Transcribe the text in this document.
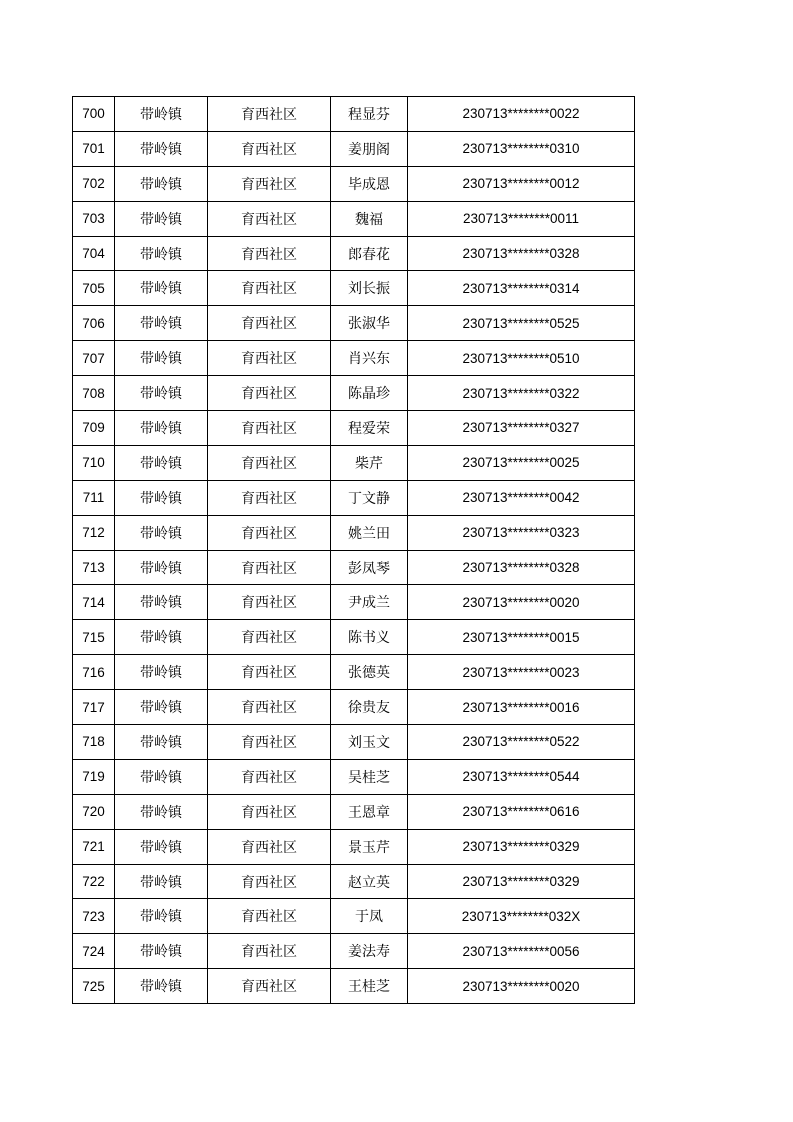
700	带岭镇	育西社区	程显芬	230713********0022
701	带岭镇	育西社区	姜朋阁	230713********0310
702	带岭镇	育西社区	毕成恩	230713********0012
703	带岭镇	育西社区	魏福	230713********0011
704	带岭镇	育西社区	郎春花	230713********0328
705	带岭镇	育西社区	刘长振	230713********0314
706	带岭镇	育西社区	张淑华	230713********0525
707	带岭镇	育西社区	肖兴东	230713********0510
708	带岭镇	育西社区	陈晶珍	230713********0322
709	带岭镇	育西社区	程爱荣	230713********0327
710	带岭镇	育西社区	柴芹	230713********0025
711	带岭镇	育西社区	丁文静	230713********0042
712	带岭镇	育西社区	姚兰田	230713********0323
713	带岭镇	育西社区	彭凤琴	230713********0328
714	带岭镇	育西社区	尹成兰	230713********0020
715	带岭镇	育西社区	陈书义	230713********0015
716	带岭镇	育西社区	张德英	230713********0023
717	带岭镇	育西社区	徐贵友	230713********0016
718	带岭镇	育西社区	刘玉文	230713********0522
719	带岭镇	育西社区	吴桂芝	230713********0544
720	带岭镇	育西社区	王恩章	230713********0616
721	带岭镇	育西社区	景玉芹	230713********0329
722	带岭镇	育西社区	赵立英	230713********0329
723	带岭镇	育西社区	于凤	230713********032X
724	带岭镇	育西社区	姜法寿	230713********0056
725	带岭镇	育西社区	王桂芝	230713********0020
